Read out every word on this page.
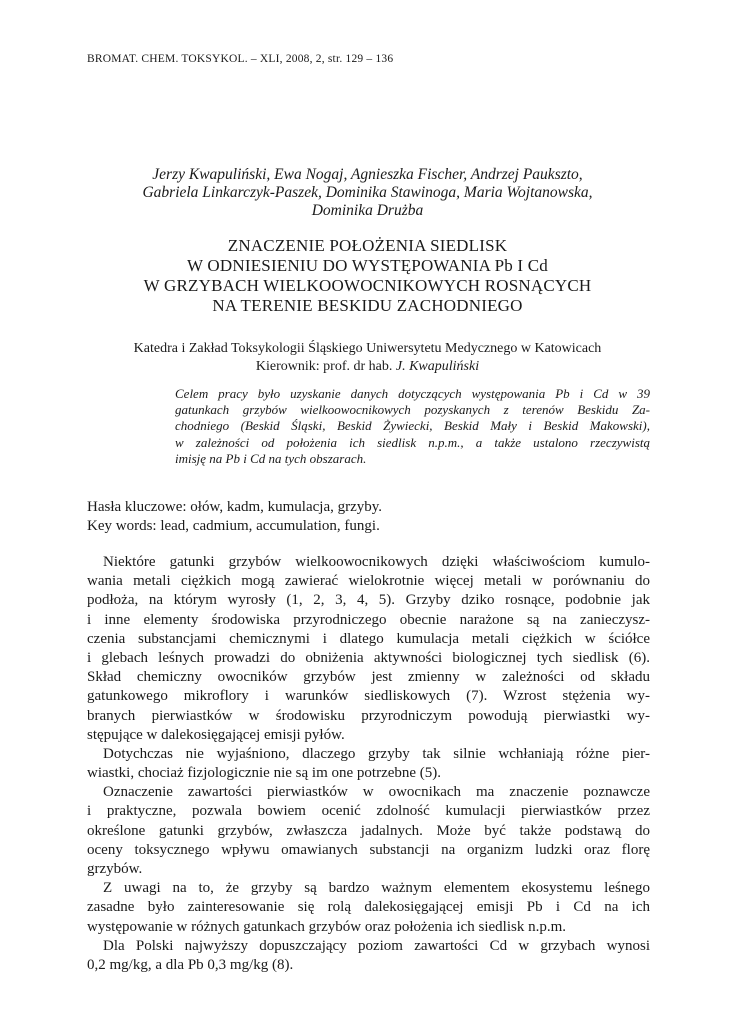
BROMAT. CHEM. TOKSYKOL. – XLI, 2008, 2, str. 129 – 136
Jerzy Kwapuliński, Ewa Nogaj, Agnieszka Fischer, Andrzej Paukszto,
Gabriela Linkarczyk-Paszek, Dominika Stawinoga, Maria Wojtanowska,
Dominika Drużba
ZNACZENIE POŁOŻENIA SIEDLISK
W ODNIESIENIU DO WYSTĘPOWANIA Pb I Cd
W GRZYBACH WIELKOOWOCNIKOWYCH ROSNĄCYCH
NA TERENIE BESKIDU ZACHODNIEGO
Katedra i Zakład Toksykologii Śląskiego Uniwersytetu Medycznego w Katowicach
Kierownik: prof. dr hab. J. Kwapuliński
Celem pracy było uzyskanie danych dotyczących występowania Pb i Cd w 39
gatunkach grzybów wielkoowocnikowych pozyskanych z terenów Beskidu Za-
chodniego (Beskid Śląski, Beskid Żywiecki, Beskid Mały i Beskid Makowski),
w zależności od położenia ich siedlisk n.p.m., a także ustalono rzeczywistą
imisję na Pb i Cd na tych obszarach.
Hasła kluczowe: ołów, kadm, kumulacja, grzyby.
Key words: lead, cadmium, accumulation, fungi.
Niektóre gatunki grzybów wielkoowocnikowych dzięki właściwościom kumulo-
wania metali ciężkich mogą zawierać wielokrotnie więcej metali w porównaniu do
podłoża, na którym wyrosły (1, 2, 3, 4, 5). Grzyby dziko rosnące, podobnie jak
i inne elementy środowiska przyrodniczego obecnie narażone są na zanieczysz-
czenia substancjami chemicznymi i dlatego kumulacja metali ciężkich w ściółce
i glebach leśnych prowadzi do obniżenia aktywności biologicznej tych siedlisk (6).
Skład chemiczny owocników grzybów jest zmienny w zależności od składu
gatunkowego mikroflory i warunków siedliskowych (7). Wzrost stężenia wy-
branych pierwiastków w środowisku przyrodniczym powodują pierwiastki wy-
stępujące w dalekosięgającej emisji pyłów.
Dotychczas nie wyjaśniono, dlaczego grzyby tak silnie wchłaniają różne pier-
wiastki, chociaż fizjologicznie nie są im one potrzebne (5).
Oznaczenie zawartości pierwiastków w owocnikach ma znaczenie poznawcze
i praktyczne, pozwala bowiem ocenić zdolność kumulacji pierwiastków przez
określone gatunki grzybów, zwłaszcza jadalnych. Może być także podstawą do
oceny toksycznego wpływu omawianych substancji na organizm ludzki oraz florę
grzybów.
Z uwagi na to, że grzyby są bardzo ważnym elementem ekosystemu leśnego
zasadne było zainteresowanie się rolą dalekosięgającej emisji Pb i Cd na ich
występowanie w różnych gatunkach grzybów oraz położenia ich siedlisk n.p.m.
Dla Polski najwyższy dopuszczający poziom zawartości Cd w grzybach wynosi
0,2 mg/kg, a dla Pb 0,3 mg/kg (8).
